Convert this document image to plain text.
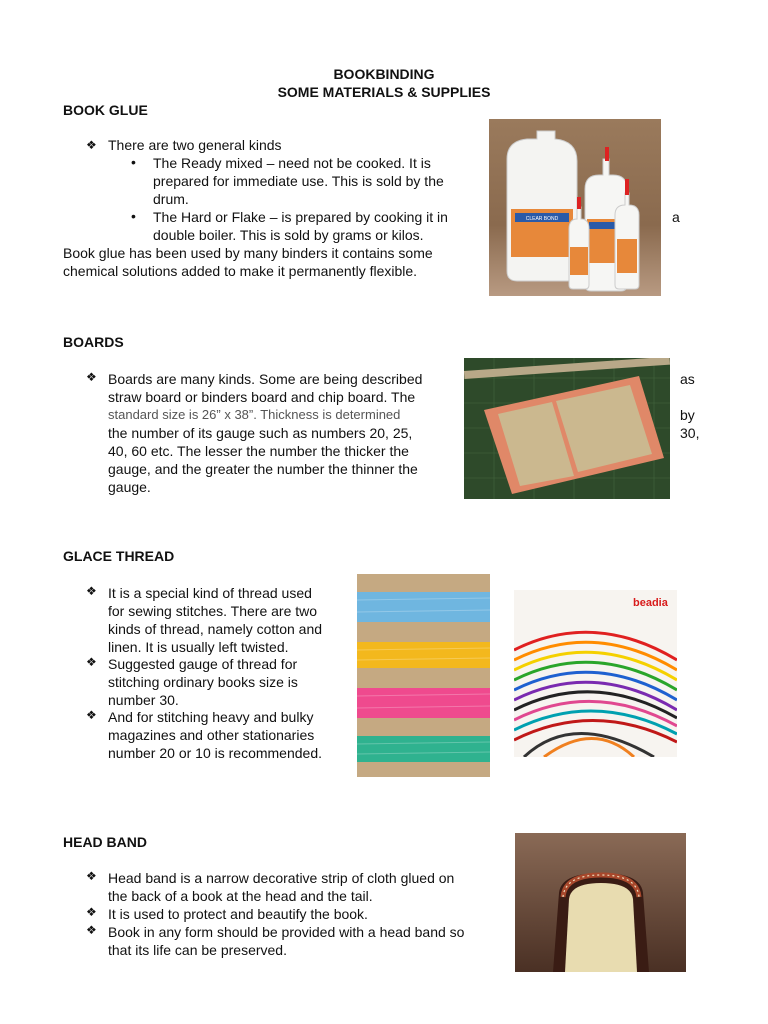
BOOKBINDING
SOME MATERIALS & SUPPLIES
BOOK GLUE
❖ There are two general kinds
• The Ready mixed – need not be cooked. It is
prepared for immediate use. This is sold by the
drum.
• The Hard or Flake – is prepared by cooking it in
double boiler. This is sold by grams or kilos.
a
Book glue has been used by many binders it contains some
chemical solutions added to make it permanently flexible.
CLEAR BOND
BOARDS
❖ Boards are many kinds. Some are being described
straw board or binders board and chip board. The
standard size is 26” x 38”. Thickness is determined
the number of its gauge such as numbers 20, 25,
40, 60 etc. The lesser the number the thicker the
gauge, and the greater the number the thinner the
gauge.
as
by
30,
GLACE THREAD
❖ It is a special kind of thread used
for sewing stitches. There are two
kinds of thread, namely cotton and
linen. It is usually left twisted.
❖ Suggested gauge of thread for
stitching ordinary books size is
number 30.
❖ And for stitching heavy and bulky
magazines and other stationaries
number 20 or 10 is recommended.
beadia
HEAD BAND
❖ Head band is a narrow decorative strip of cloth glued on
the back of a book at the head and the tail.
❖ It is used to protect and beautify the book.
❖ Book in any form should be provided with a head band so
that its life can be preserved.
